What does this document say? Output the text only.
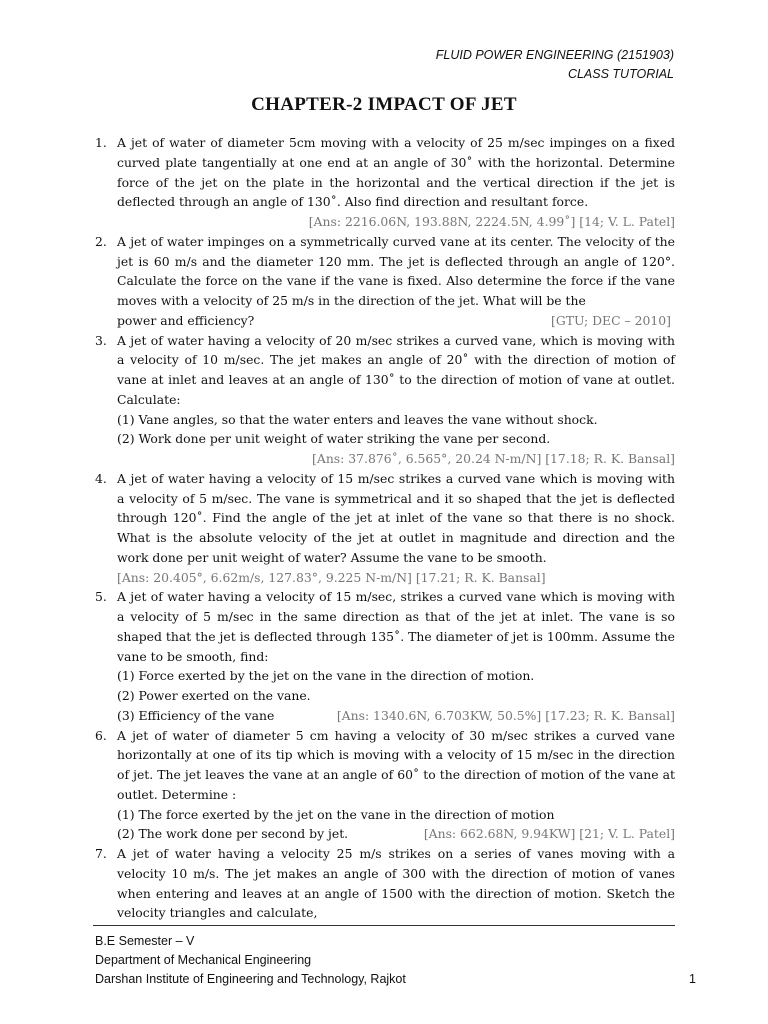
FLUID POWER ENGINEERING (2151903)
CLASS TUTORIAL
CHAPTER-2 IMPACT OF JET
1. A jet of water of diameter 5cm moving with a velocity of 25 m/sec impinges on a fixed curved plate tangentially at one end at an angle of 30˚ with the horizontal. Determine force of the jet on the plate in the horizontal and the vertical direction if the jet is deflected through an angle of 130˚. Also find direction and resultant force.
[Ans: 2216.06N, 193.88N, 2224.5N, 4.99˚] [14; V. L. Patel]
2. A jet of water impinges on a symmetrically curved vane at its center. The velocity of the jet is 60 m/s and the diameter 120 mm. The jet is deflected through an angle of 120°. Calculate the force on the vane if the vane is fixed. Also determine the force if the vane moves with a velocity of 25 m/s in the direction of the jet. What will be the
power and efficiency?	[GTU; DEC – 2010]
3. A jet of water having a velocity of 20 m/sec strikes a curved vane, which is moving with a velocity of 10 m/sec. The jet makes an angle of 20˚ with the direction of motion of vane at inlet and leaves at an angle of 130˚ to the direction of motion of vane at outlet. Calculate:
(1) Vane angles, so that the water enters and leaves the vane without shock.
(2) Work done per unit weight of water striking the vane per second.
[Ans: 37.876˚, 6.565°, 20.24 N-m/N] [17.18; R. K. Bansal]
4. A jet of water having a velocity of 15 m/sec strikes a curved vane which is moving with a velocity of 5 m/sec. The vane is symmetrical and it so shaped that the jet is deflected through 120˚. Find the angle of the jet at inlet of the vane so that there is no shock. What is the absolute velocity of the jet at outlet in magnitude and direction and the work done per unit weight of water? Assume the vane to be smooth.
[Ans: 20.405°, 6.62m/s, 127.83°, 9.225 N-m/N] [17.21; R. K. Bansal]
5. A jet of water having a velocity of 15 m/sec, strikes a curved vane which is moving with a velocity of 5 m/sec in the same direction as that of the jet at inlet. The vane is so shaped that the jet is deflected through 135˚. The diameter of jet is 100mm. Assume the vane to be smooth, find:
(1) Force exerted by the jet on the vane in the direction of motion.
(2) Power exerted on the vane.
(3) Efficiency of the vane	[Ans: 1340.6N, 6.703KW, 50.5%] [17.23; R. K. Bansal]
6. A jet of water of diameter 5 cm having a velocity of 30 m/sec strikes a curved vane horizontally at one of its tip which is moving with a velocity of 15 m/sec in the direction of jet. The jet leaves the vane at an angle of 60˚ to the direction of motion of the vane at outlet. Determine :
(1) The force exerted by the jet on the vane in the direction of motion
(2) The work done per second by jet.	[Ans: 662.68N, 9.94KW] [21; V. L. Patel]
7. A jet of water having a velocity 25 m/s strikes on a series of vanes moving with a velocity 10 m/s. The jet makes an angle of 300 with the direction of motion of vanes when entering and leaves at an angle of 1500 with the direction of motion. Sketch the velocity triangles and calculate,
B.E Semester – V
Department of Mechanical Engineering
Darshan Institute of Engineering and Technology, Rajkot	1
